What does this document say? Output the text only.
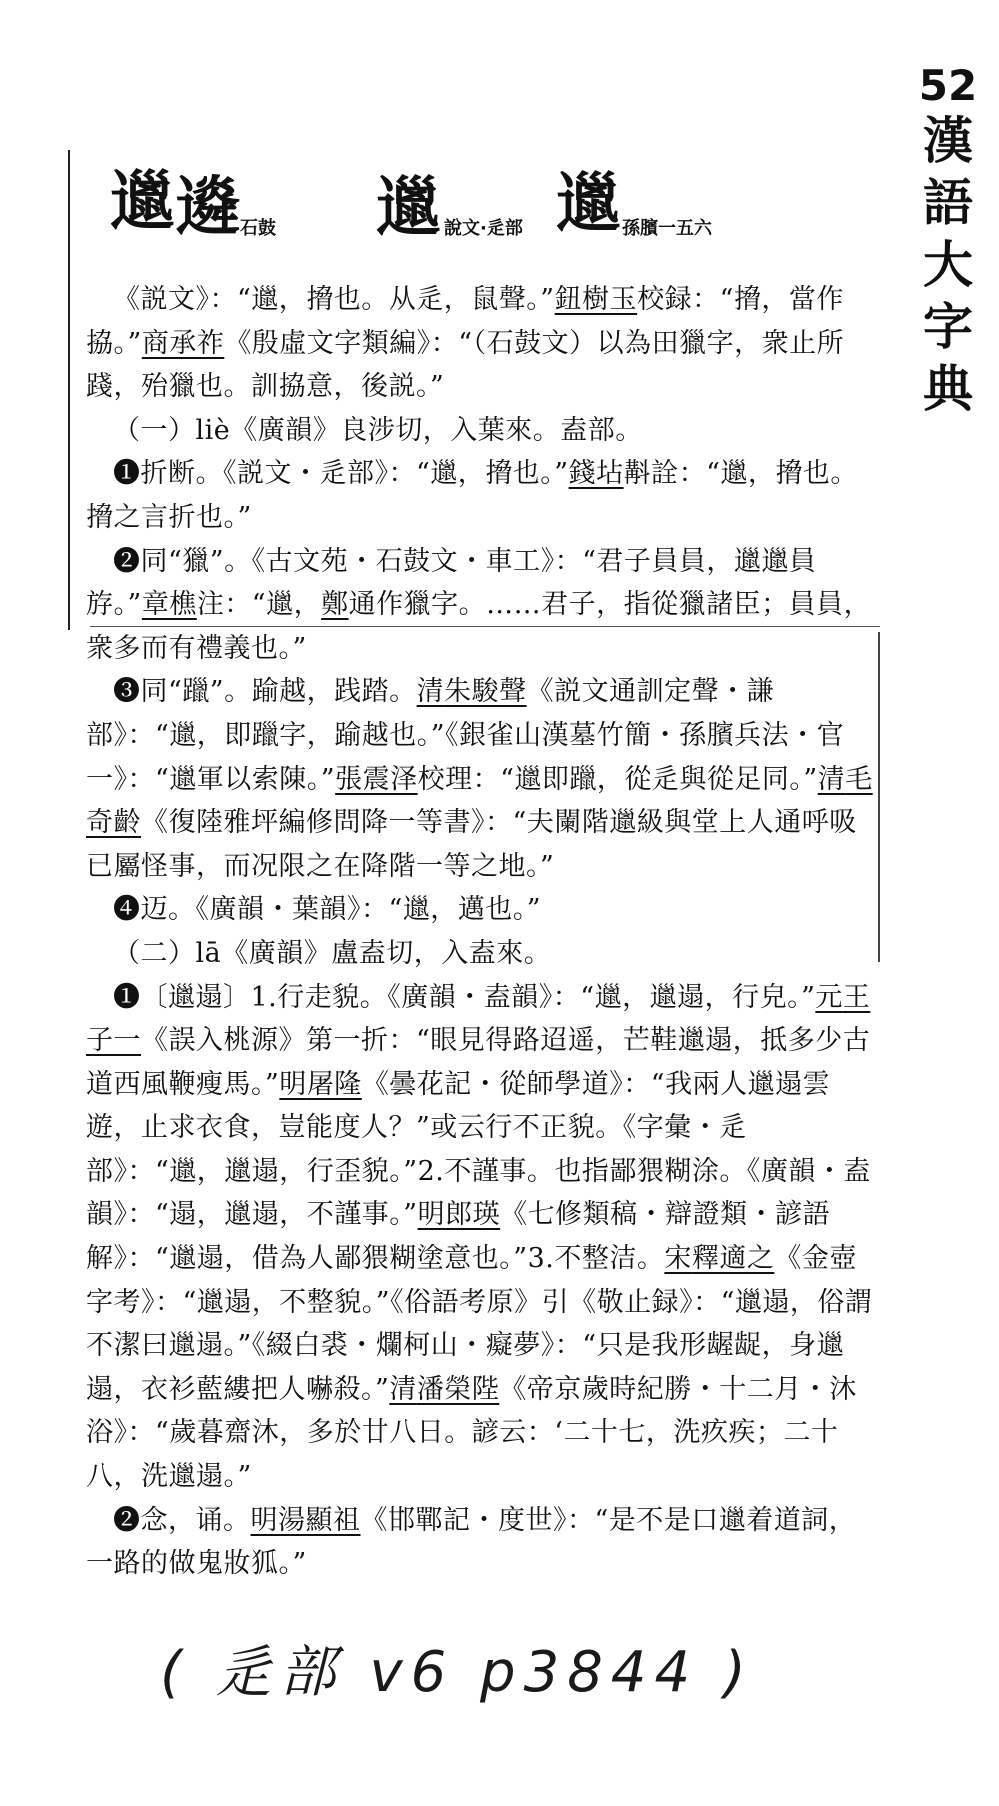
52
漢
語
大
字
典
邋 䢯 石鼓 邋 說文·辵部 邋 孫臏一五六

《説文》：“邋，搚也。从辵，鼠聲。”鈕樹玉校録：“搚，當作拹。”商承祚《殷虛文字類編》：“（石鼓文）以為田獵字，衆止所踐，殆獵也。訓拹意，後説。”

（一）liè《廣韻》良涉切，入葉來。盍部。

❶折断。《説文・辵部》：“邋，搚也。”錢坫斠詮：“邋，搚也。搚之言折也。”

❷同“獵”。《古文苑・石鼓文・車工》：“君子員員，邋邋員斿。”章樵注：“邋，鄭通作獵字。……君子，指從獵諸臣；員員，衆多而有禮義也。”

❸同“躐”。踰越，践踏。清朱駿聲《説文通訓定聲・謙部》：“邋，即躐字，踰越也。”《銀雀山漢墓竹簡・孫臏兵法・官一》：“邋軍以索陳。”張震泽校理：“邋即躐，從辵與從足同。”清毛奇齡《復陸雅坪編修問降一等書》：“夫闌階邋級與堂上人通呼吸已屬怪事，而况限之在降階一等之地。”

❹迈。《廣韻・葉韻》：“邋，邁也。”

（二）lā《廣韻》盧盍切，入盍來。

❶〔邋遢〕1.行走貌。《廣韻・盍韻》：“邋，邋遢，行皃。”元王子一《誤入桃源》第一折：“眼見得路迢遥，芒鞋邋遢，抵多少古道西風鞭瘦馬。”明屠隆《曇花記・從師學道》：“我兩人邋遢雲遊，止求衣食，豈能度人？”或云行不正貌。《字彙・辵部》：“邋，邋遢，行歪貌。”2.不謹事。也指鄙猥糊涂。《廣韻・盍韻》：“遢，邋遢，不謹事。”明郎瑛《七修類稿・辯證類・諺語解》：“邋遢，借為人鄙猥糊塗意也。”3.不整洁。宋釋適之《金壺字考》：“邋遢，不整貌。”《俗語考原》引《敬止録》：“邋遢，俗謂不潔曰邋遢。”《綴白裘・爛柯山・癡夢》：“只是我形龌龊，身邋遢，衣衫藍縷把人嚇殺。”清潘榮陛《帝京歲時紀勝・十二月・沐浴》：“歲暮齋沐，多於廿八日。諺云：‘二十七，洗疚疾；二十八，洗邋遢。”

❷念，诵。明湯顯祖《邯鄲記・度世》：“是不是口邋着道詞，一路的做鬼妝狐。”

( 辵部 v6 p3844 )
